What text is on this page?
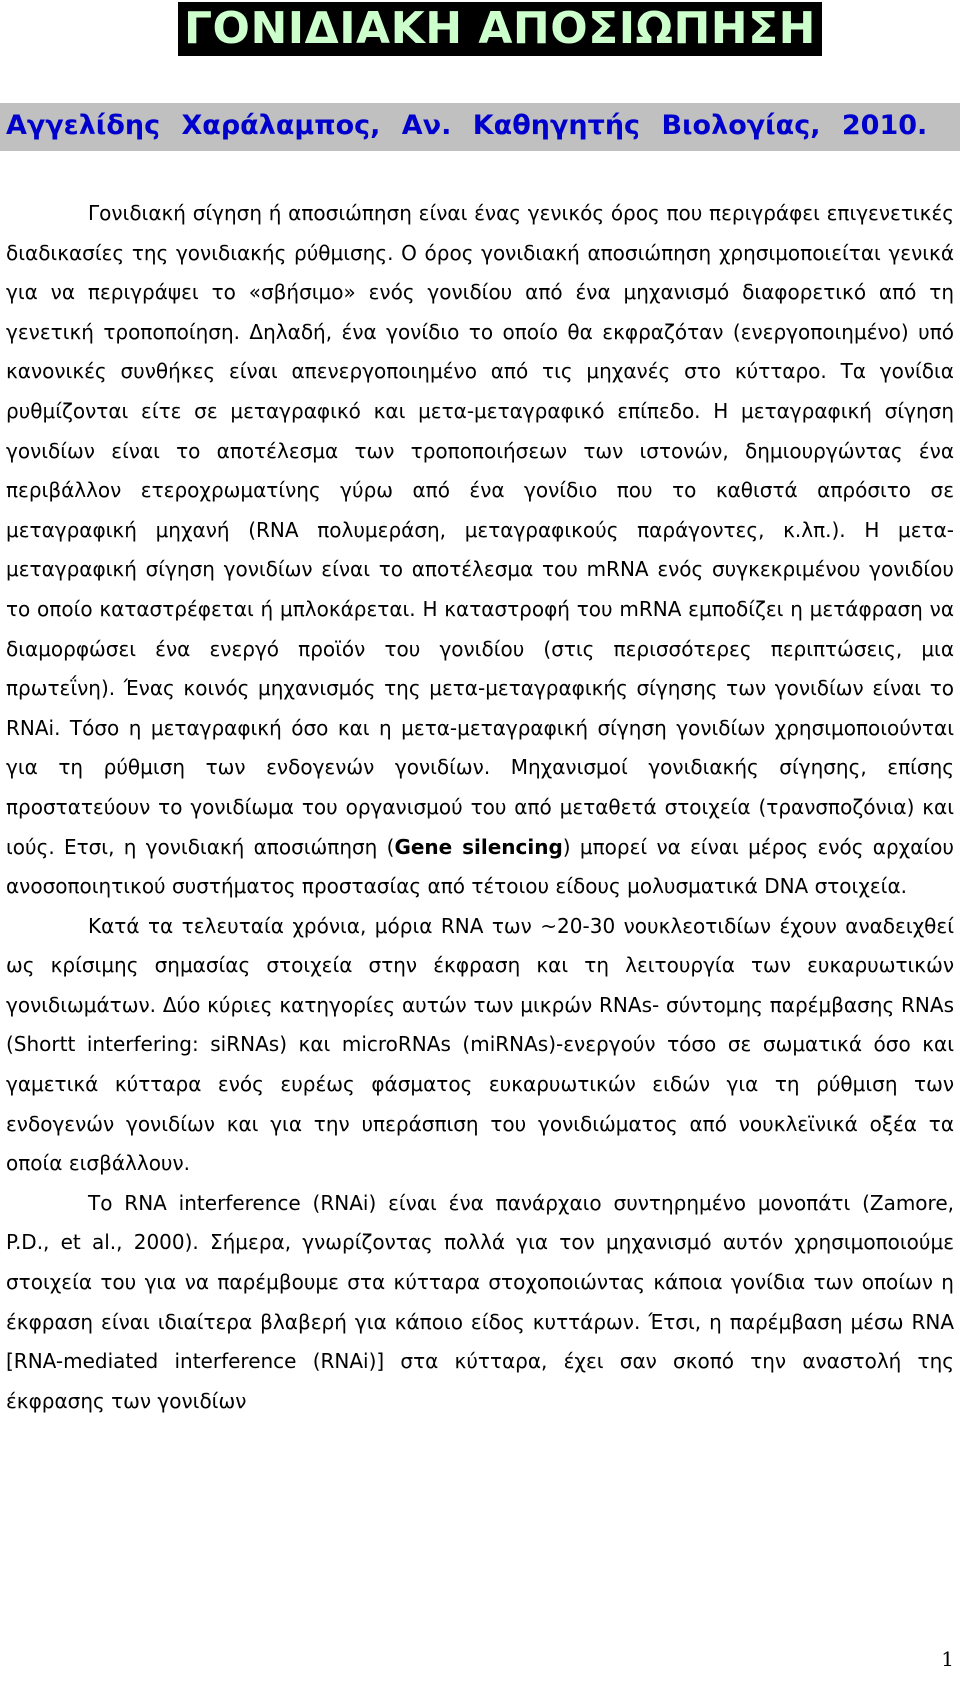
ΓΟΝΙΔΙΑΚΗ ΑΠΟΣΙΩΠΗΣΗ
Αγγελίδης Χαράλαμπος, Αν. Καθηγητής Βιολογίας, 2010.

Γονιδιακή σίγηση ή αποσιώπηση είναι ένας γενικός όρος που περιγράφει επιγενετικές διαδικασίες της γονιδιακής ρύθμισης. Ο όρος γονιδιακή αποσιώπηση χρησιμοποιείται γενικά για να περιγράψει το «σβήσιμο» ενός γονιδίου από ένα μηχανισμό διαφορετικό από τη γενετική τροποποίηση. Δηλαδή, ένα γονίδιο το οποίο θα εκφραζόταν (ενεργοποιημένο) υπό κανονικές συνθήκες είναι απενεργοποιημένο από τις μηχανές στο κύτταρο. Τα γονίδια ρυθμίζονται είτε σε μεταγραφικό και μετα-μεταγραφικό επίπεδο. Η μεταγραφική σίγηση γονιδίων είναι το αποτέλεσμα των τροποποιήσεων των ιστονών, δημιουργώντας ένα περιβάλλον ετεροχρωματίνης γύρω από ένα γονίδιο που το καθιστά απρόσιτο σε μεταγραφική μηχανή (RNA πολυμεράση, μεταγραφικούς παράγοντες, κ.λπ.). Η μετα-μεταγραφική σίγηση γονιδίων είναι το αποτέλεσμα του mRNA ενός συγκεκριμένου γονιδίου το οποίο καταστρέφεται ή μπλοκάρεται. Η καταστροφή του mRNA εμποδίζει η μετάφραση να διαμορφώσει ένα ενεργό προϊόν του γονιδίου (στις περισσότερες περιπτώσεις, μια πρωτεΐνη). Ένας κοινός μηχανισμός της μετα-μεταγραφικής σίγησης των γονιδίων είναι το RNAi. Τόσο η μεταγραφική όσο και η μετα-μεταγραφική σίγηση γονιδίων χρησιμοποιούνται για τη ρύθμιση των ενδογενών γονιδίων. Μηχανισμοί γονιδιακής σίγησης, επίσης προστατεύουν το γονιδίωμα του οργανισμού του από μεταθετά στοιχεία (τρανσποζόνια) και ιούς. Ετσι, η γονιδιακή αποσιώπηση (Gene silencing) μπορεί να είναι μέρος ενός αρχαίου ανοσοποιητικού συστήματος προστασίας από τέτοιου είδους μολυσματικά DNA στοιχεία.

Κατά τα τελευταία χρόνια, μόρια RNA των ~20-30 νουκλεοτιδίων έχουν αναδειχθεί ως κρίσιμης σημασίας στοιχεία στην έκφραση και τη λειτουργία των ευκαρυωτικών γονιδιωμάτων. Δύο κύριες κατηγορίες αυτών των μικρών RNAs- σύντομης παρέμβασης RNAs (Shortt interfering: siRNAs) και microRNAs (miRNAs)-ενεργούν τόσο σε σωματικά όσο και γαμετικά κύτταρα ενός ευρέως φάσματος ευκαρυωτικών ειδών για τη ρύθμιση των ενδογενών γονιδίων και για την υπεράσπιση του γονιδιώματος από νουκλεϊνικά οξέα τα οποία εισβάλλουν.

Το RNA interference (RNAi) είναι ένα πανάρχαιο συντηρημένο μονοπάτι (Zamore, P.D., et al., 2000). Σήμερα, γνωρίζοντας πολλά για τον μηχανισμό αυτόν χρησιμοποιούμε στοιχεία του για να παρέμβουμε στα κύτταρα στοχοποιώντας κάποια γονίδια των οποίων η έκφραση είναι ιδιαίτερα βλαβερή για κάποιο είδος κυττάρων. Έτσι, η παρέμβαση μέσω RNA [RNA-mediated interference (RNAi)] στα κύτταρα, έχει σαν σκοπό την αναστολή της έκφρασης των γονιδίων

1
